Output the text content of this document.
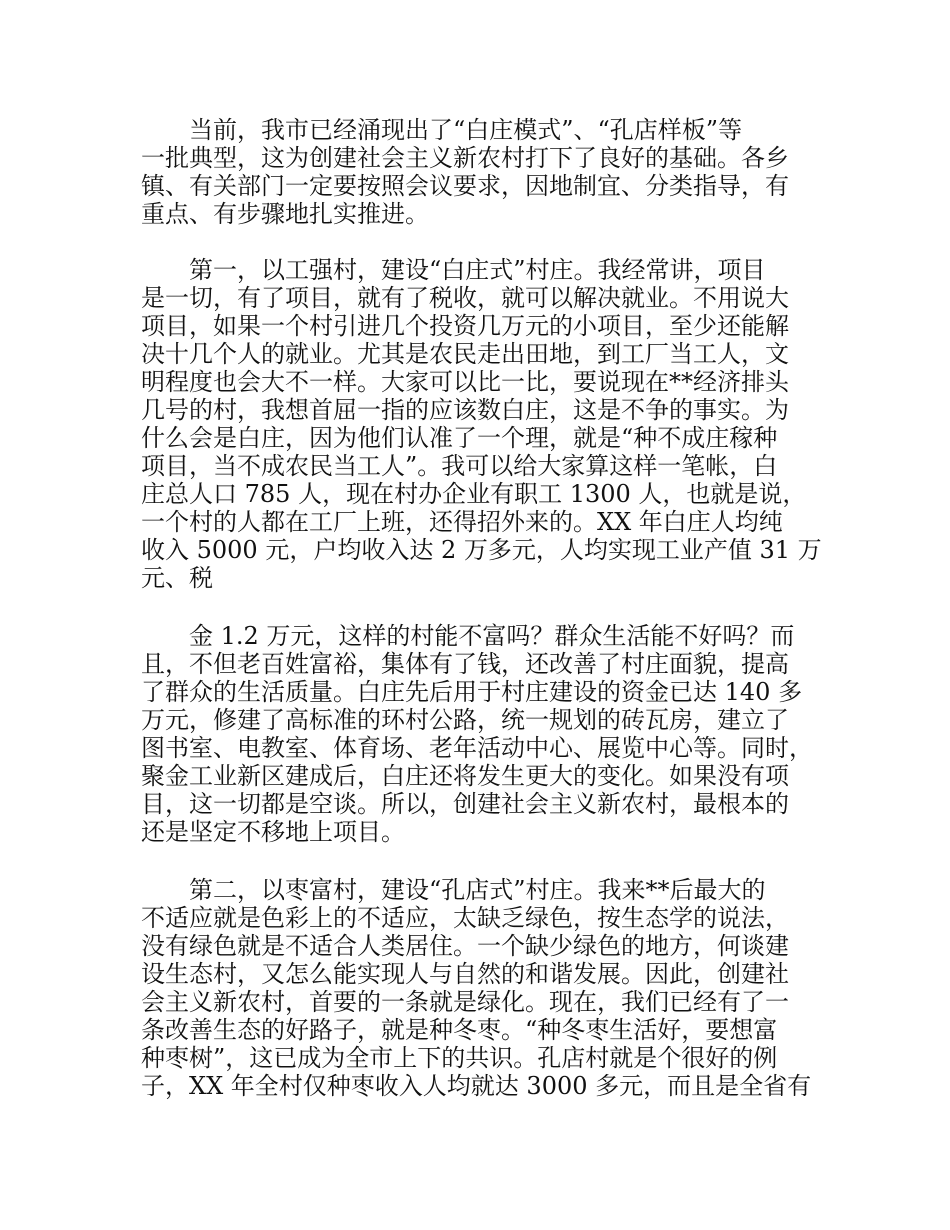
当前，我市已经涌现出了“白庄模式”、“孔店样板”等
一批典型，这为创建社会主义新农村打下了良好的基础。各乡
镇、有关部门一定要按照会议要求，因地制宜、分类指导，有
重点、有步骤地扎实推进。
第一，以工强村，建设“白庄式”村庄。我经常讲，项目
是一切，有了项目，就有了税收，就可以解决就业。不用说大
项目，如果一个村引进几个投资几万元的小项目，至少还能解
决十几个人的就业。尤其是农民走出田地，到工厂当工人，文
明程度也会大不一样。大家可以比一比，要说现在**经济排头
几号的村，我想首屈一指的应该数白庄，这是不争的事实。为
什么会是白庄，因为他们认准了一个理，就是“种不成庄稼种
项目，当不成农民当工人”。我可以给大家算这样一笔帐，白
庄总人口 785 人，现在村办企业有职工 1300 人，也就是说，
一个村的人都在工厂上班，还得招外来的。XX 年白庄人均纯
收入 5000 元，户均收入达 2 万多元，人均实现工业产值 31 万
元、税
金 1.2 万元，这样的村能不富吗？群众生活能不好吗？而
且，不但老百姓富裕，集体有了钱，还改善了村庄面貌，提高
了群众的生活质量。白庄先后用于村庄建设的资金已达 140 多
万元，修建了高标准的环村公路，统一规划的砖瓦房，建立了
图书室、电教室、体育场、老年活动中心、展览中心等。同时，
聚金工业新区建成后，白庄还将发生更大的变化。如果没有项
目，这一切都是空谈。所以，创建社会主义新农村，最根本的
还是坚定不移地上项目。
第二，以枣富村，建设“孔店式”村庄。我来**后最大的
不适应就是色彩上的不适应，太缺乏绿色，按生态学的说法，
没有绿色就是不适合人类居住。一个缺少绿色的地方，何谈建
设生态村，又怎么能实现人与自然的和谐发展。因此，创建社
会主义新农村，首要的一条就是绿化。现在，我们已经有了一
条改善生态的好路子，就是种冬枣。“种冬枣生活好，要想富
种枣树”，这已成为全市上下的共识。孔店村就是个很好的例
子，XX 年全村仅种枣收入人均就达 3000 多元，而且是全省有
